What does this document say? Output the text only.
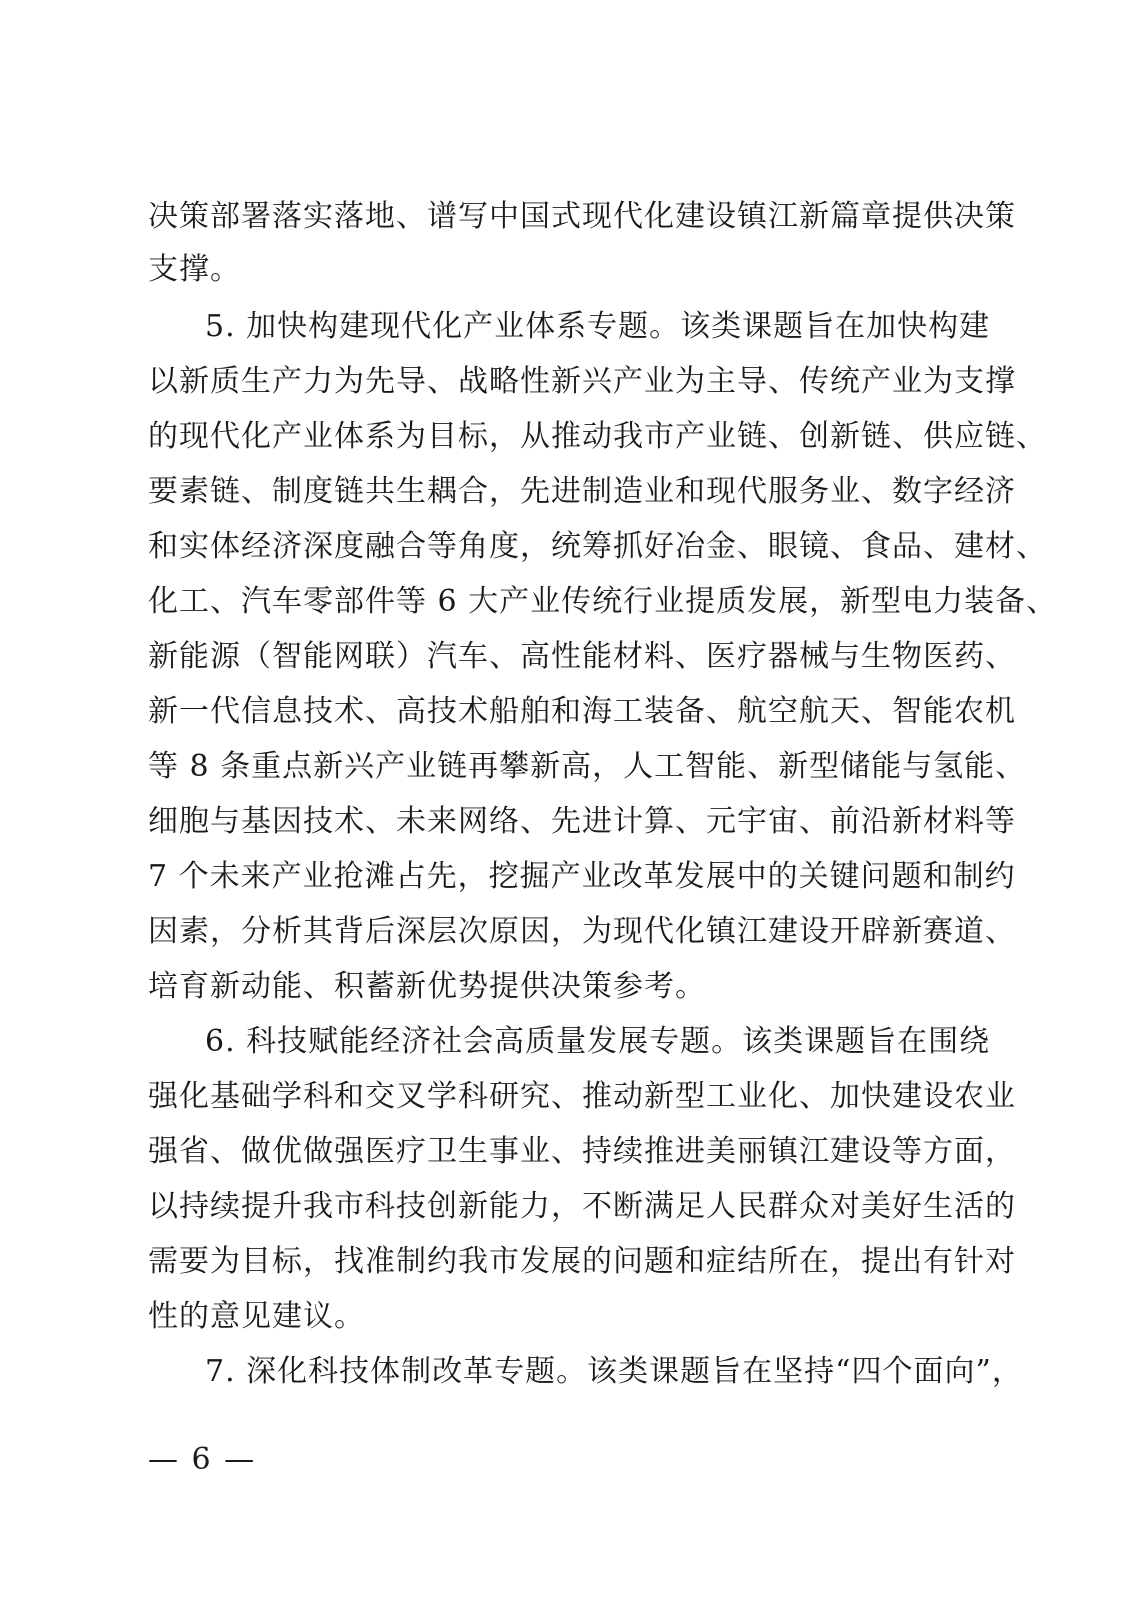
决策部署落实落地、谱写中国式现代化建设镇江新篇章提供决策
支撑。
5. 加快构建现代化产业体系专题。该类课题旨在加快构建
以新质生产力为先导、战略性新兴产业为主导、传统产业为支撑
的现代化产业体系为目标，从推动我市产业链、创新链、供应链、
要素链、制度链共生耦合，先进制造业和现代服务业、数字经济
和实体经济深度融合等角度，统筹抓好冶金、眼镜、食品、建材、
化工、汽车零部件等 6 大产业传统行业提质发展，新型电力装备、
新能源（智能网联）汽车、高性能材料、医疗器械与生物医药、
新一代信息技术、高技术船舶和海工装备、航空航天、智能农机
等 8 条重点新兴产业链再攀新高，人工智能、新型储能与氢能、
细胞与基因技术、未来网络、先进计算、元宇宙、前沿新材料等
7 个未来产业抢滩占先，挖掘产业改革发展中的关键问题和制约
因素，分析其背后深层次原因，为现代化镇江建设开辟新赛道、
培育新动能、积蓄新优势提供决策参考。
6. 科技赋能经济社会高质量发展专题。该类课题旨在围绕
强化基础学科和交叉学科研究、推动新型工业化、加快建设农业
强省、做优做强医疗卫生事业、持续推进美丽镇江建设等方面，
以持续提升我市科技创新能力，不断满足人民群众对美好生活的
需要为目标，找准制约我市发展的问题和症结所在，提出有针对
性的意见建议。
7. 深化科技体制改革专题。该类课题旨在坚持“四个面向”，
— 6 —
